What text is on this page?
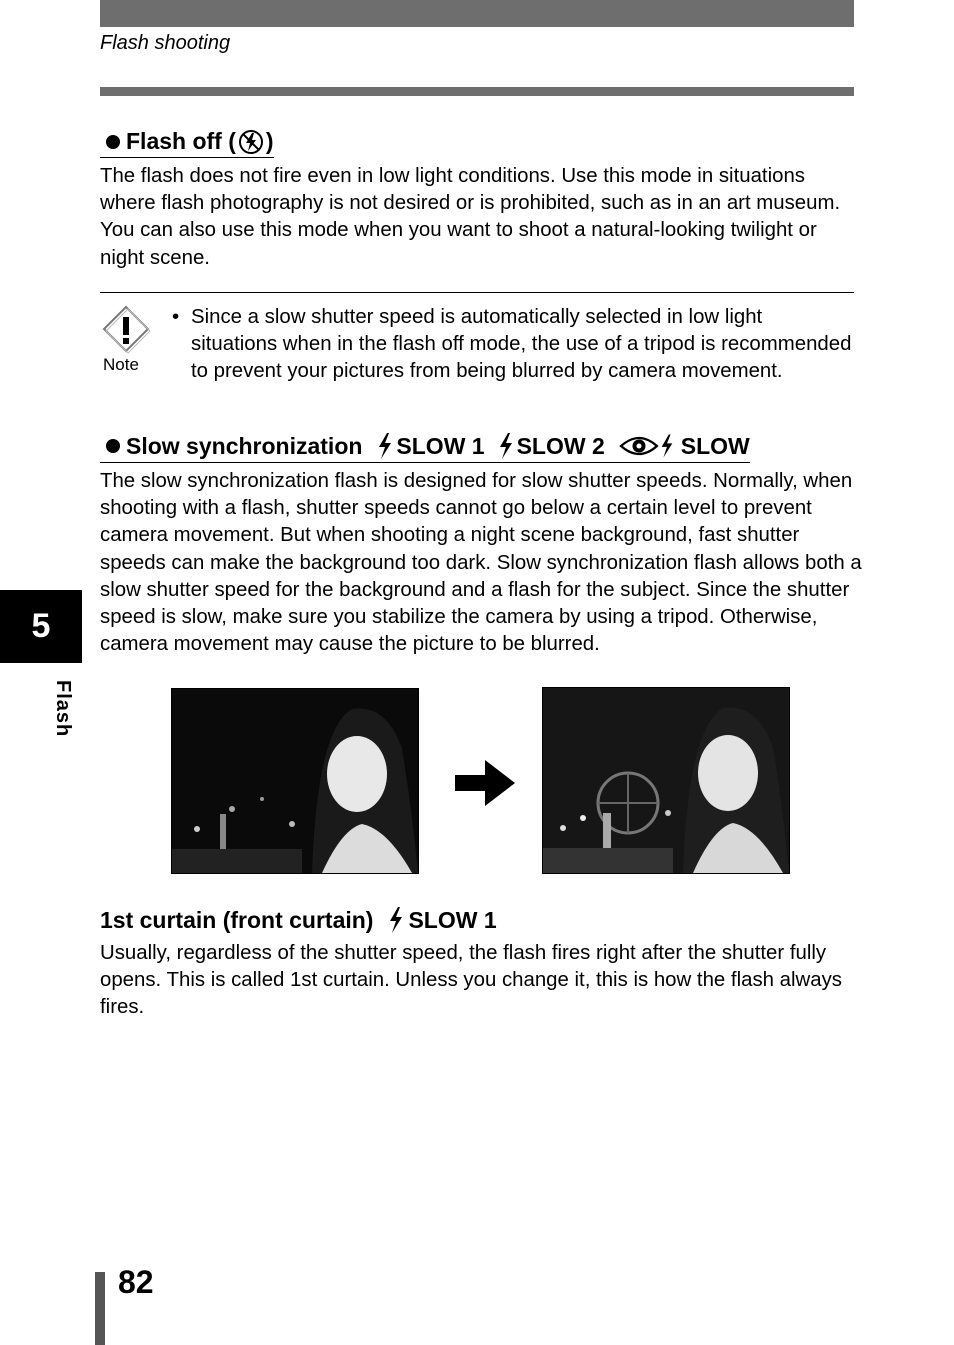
Flash shooting
Flash off ( )
The flash does not fire even in low light conditions. Use this mode in situations where flash photography is not desired or is prohibited, such as in an art museum. You can also use this mode when you want to shoot a natural-looking twilight or night scene.
Note
• Since a slow shutter speed is automatically selected in low light situations when in the flash off mode, the use of a tripod is recommended to prevent your pictures from being blurred by camera movement.
Slow synchronization SLOW 1 SLOW 2	SLOW
The slow synchronization flash is designed for slow shutter speeds. Normally, when shooting with a flash, shutter speeds cannot go below a certain level to prevent camera movement. But when shooting a night scene background, fast shutter speeds can make the background too dark. Slow synchronization flash allows both a slow shutter speed for the background and a flash for the subject. Since the shutter speed is slow, make sure you stabilize the camera by using a tripod. Otherwise, camera movement may cause the picture to be blurred.
1st curtain (front curtain) SLOW 1
Usually, regardless of the shutter speed, the flash fires right after the shutter fully opens. This is called 1st curtain. Unless you change it, this is how the flash always fires.
5
Flash
82
